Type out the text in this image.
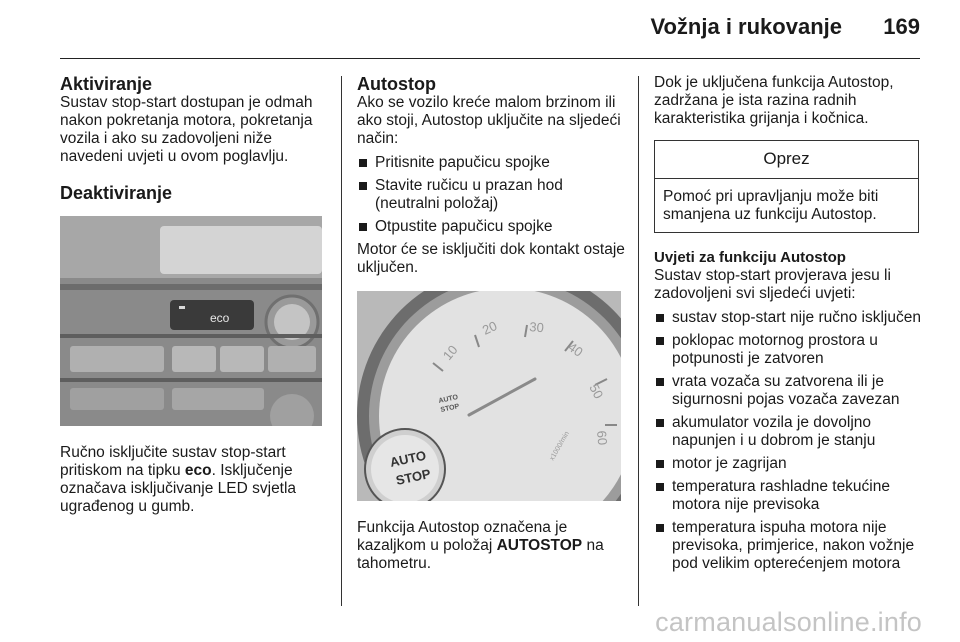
Vožnja i rukovanje 169
Aktiviranje

Sustav stop-start dostupan je odmah nakon pokretanja motora, pokretanja vozila i ako su zadovoljeni niže navedeni uvjeti u ovom poglavlju.

Deaktiviranje
eco

Ručno isključite sustav stop-start pritiskom na tipku eco. Isključenje označava isključivanje LED svjetla ugrađenog u gumb.

Autostop

Ako se vozilo kreće malom brzinom ili ako stoji, Autostop uključite na sljedeći način:

Pritisnite papučicu spojke
Stavite ručicu u prazan hod (neutralni položaj)
Otpustite papučicu spojke

Motor će se isključiti dok kontakt ostaje uključen.

10
20 30
40
50
60
x1000/min
AUTO
STOP
AUTO
STOP

Funkcija Autostop označena je kazaljkom u položaj AUTOSTOP na tahometru.

Dok je uključena funkcija Autostop, zadržana je ista razina radnih karakteristika grijanja i kočnica.

Oprez
Pomoć pri upravljanju može biti smanjena uz funkciju Autostop.
Uvjeti za funkciju Autostop

Sustav stop-start provjerava jesu li zadovoljeni svi sljedeći uvjeti:

sustav stop-start nije ručno isključen
poklopac motornog prostora u potpunosti je zatvoren
vrata vozača su zatvorena ili je sigurnosni pojas vozača zavezan
akumulator vozila je dovoljno napunjen i u dobrom je stanju
motor je zagrijan
temperatura rashladne tekućine motora nije previsoka
temperatura ispuha motora nije previsoka, primjerice, nakon vožnje pod velikim opterećenjem motora
carmanualsonline.info
